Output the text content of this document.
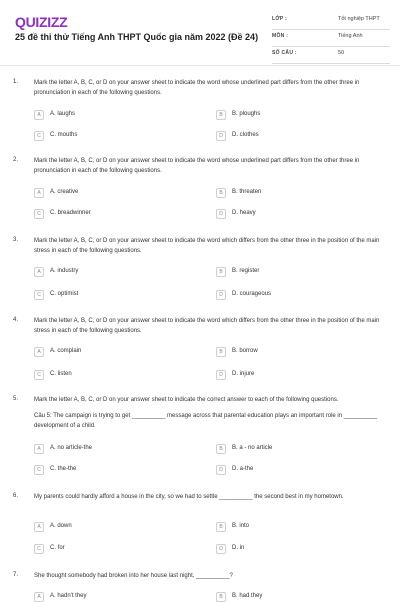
QUIZIZZ
25 đề thi thử Tiếng Anh THPT Quốc gia năm 2022 (Đề 24)
LỚP :	Tốt nghiệp THPT
MÔN :	Tiếng Anh
SỐ CÂU :	50
1.	Mark the letter A, B, C, or D on your answer sheet to indicate the word whose underlined part differs from the other three in pronunciation in each of the following questions.
A	A. laughs	B	B. ploughs
C	C. mouths	D	D. clothes
2.	Mark the letter A, B, C, or D on your answer sheet to indicate the word whose underlined part differs from the other three in pronunciation in each of the following questions.
A	A. creative	B	B. threaten
C	C. breadwinner	D	D. heavy
3.	Mark the letter A, B, C, or D on your answer sheet to indicate the word which differs from the other three in the position of the main stress in each of the following questions.
A	A. industry	B	B. register
C	C. optimist	D	D. courageous
4.	Mark the letter A, B, C, or D on your answer sheet to indicate the word which differs from the other three in the position of the main stress in each of the following questions.
A	A. complain	B	B. borrow
C	C. listen	D	D. injure
5.	Mark the letter A, B, C, or D on your answer sheet to indicate the correct answer to each of the following questions.
Câu 5: The campaign is trying to get __________ message across that parental education plays an important role in __________ development of a child.
A	A. no article-the	B	B. a - no article
C	C. the-the	D	D. a-the
6.	My parents could hardly afford a house in the city, so we had to settle __________ the second best in my hometown.
A	A. down	B	B. into
C	C. for	D	D. in
7.	She thought somebody had broken into her house last night, __________?
A	A. hadn't they	B	B. had they
